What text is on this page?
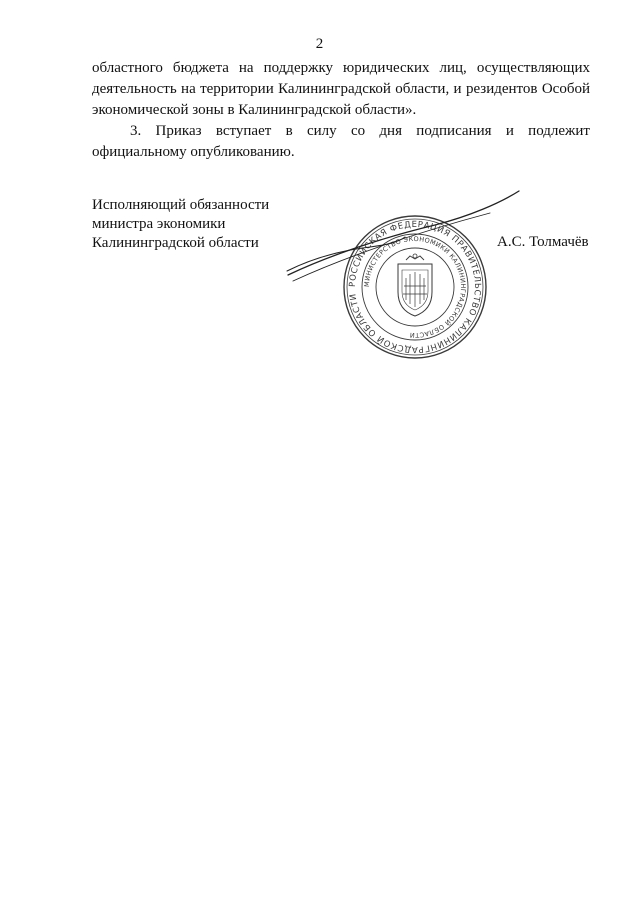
2

областного бюджета на поддержку юридических лиц, осуществляющих
деятельность на территории Калининградской области, и резидентов Особой
экономической зоны в Калининградской области».

3. Приказ вступает в силу со дня подписания и подлежит

официальному опубликованию.

Исполняющий обязанности
министра экономики
Калининградской области
РОССИЙСКАЯ ФЕДЕРАЦИЯ ПРАВИТЕЛЬСТВО КАЛИНИНГРАДСКОЙ ОБЛАСТИ
МИНИСТЕРСТВО ЭКОНОМИКИ КАЛИНИНГРАДСКОЙ ОБЛАСТИ
А.С. Толмачёв
